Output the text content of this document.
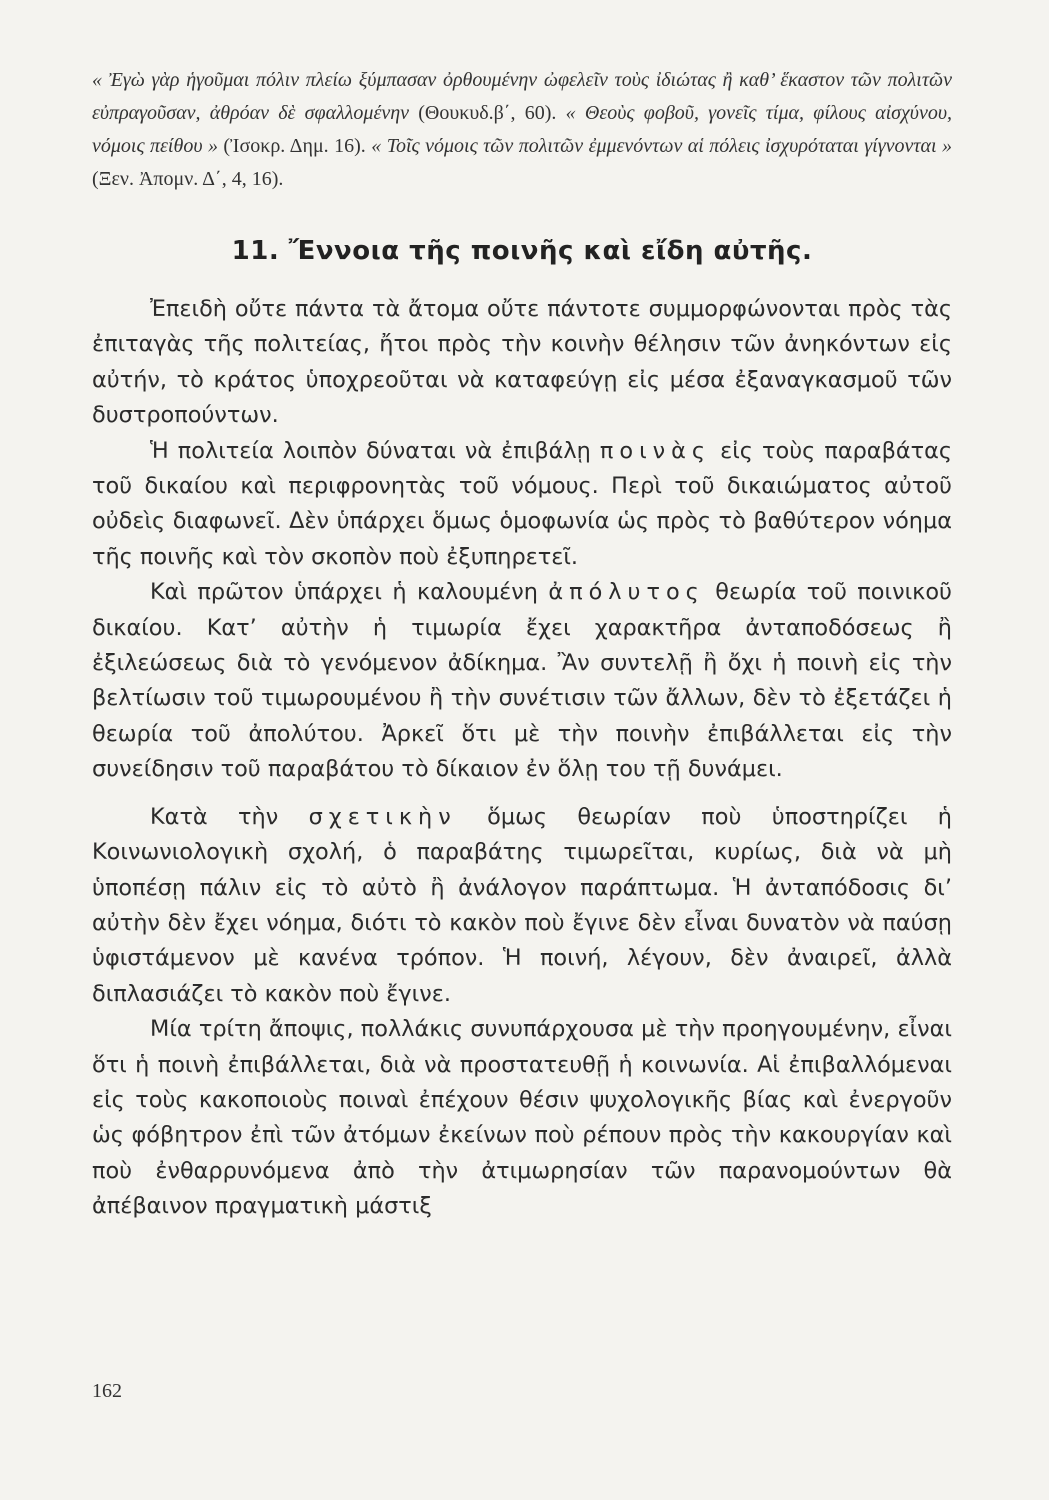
« Ἐγὼ γὰρ ἡγοῦμαι πόλιν πλείω ξύμπασαν ὀρθουμένην ὠφελεῖν τοὺς ἰδιώτας ἢ καθ’ ἕκαστον τῶν πολιτῶν εὐπραγοῦσαν, ἀθρόαν δὲ σφαλλομένην (Θουκυδ.β΄, 60). « Θεοὺς φοβοῦ, γονεῖς τίμα, φίλους αἰσχύνου, νόμοις πείθου » (Ἰσοκρ. Δημ. 16). « Τοῖς νόμοις τῶν πολιτῶν ἐμμενόντων αἱ πόλεις ἰσχυρόταται γίγνονται » (Ξεν. Ἀπομν. Δ΄, 4, 16).

11. Ἔννοια τῆς ποινῆς καὶ εἴδη αὐτῆς.

Ἐπειδὴ οὔτε πάντα τὰ ἄτομα οὔτε πάντοτε συμμορφώνονται πρὸς τὰς ἐπιταγὰς τῆς πολιτείας, ἤτοι πρὸς τὴν κοινὴν θέλησιν τῶν ἀνηκόντων εἰς αὐτήν, τὸ κράτος ὑποχρεοῦται νὰ καταφεύγῃ εἰς μέσα ἐξαναγκασμοῦ τῶν δυστροπούντων.

Ἡ πολιτεία λοιπὸν δύναται νὰ ἐπιβάλῃ ποινὰς εἰς τοὺς παραβάτας τοῦ δικαίου καὶ περιφρονητὰς τοῦ νόμους. Περὶ τοῦ δικαιώματος αὐτοῦ οὐδεὶς διαφωνεῖ. Δὲν ὑπάρχει ὅμως ὁμοφωνία ὡς πρὸς τὸ βαθύτερον νόημα τῆς ποινῆς καὶ τὸν σκοπὸν ποὺ ἐξυπηρετεῖ.

Καὶ πρῶτον ὑπάρχει ἡ καλουμένη ἀπόλυτος θεωρία τοῦ ποινικοῦ δικαίου. Κατ’ αὐτὴν ἡ τιμωρία ἔχει χαρακτῆρα ἀνταποδόσεως ἢ ἐξιλεώσεως διὰ τὸ γενόμενον ἀδίκημα. Ἂν συντελῇ ἢ ὄχι ἡ ποινὴ εἰς τὴν βελτίωσιν τοῦ τιμωρουμένου ἢ τὴν συνέτισιν τῶν ἄλλων, δὲν τὸ ἐξετάζει ἡ θεωρία τοῦ ἀπολύτου. Ἀρκεῖ ὅτι μὲ τὴν ποινὴν ἐπιβάλλεται εἰς τὴν συνείδησιν τοῦ παραβάτου τὸ δίκαιον ἐν ὅλῃ του τῇ δυνάμει.

Κατὰ τὴν σχετικὴν ὅμως θεωρίαν ποὺ ὑποστηρίζει ἡ Κοινωνιολογικὴ σχολή, ὁ παραβάτης τιμωρεῖται, κυρίως, διὰ νὰ μὴ ὑποπέσῃ πάλιν εἰς τὸ αὐτὸ ἢ ἀνάλογον παράπτωμα. Ἡ ἀνταπόδοσις δι’ αὐτὴν δὲν ἔχει νόημα, διότι τὸ κακὸν ποὺ ἔγινε δὲν εἶναι δυνατὸν νὰ παύσῃ ὑφιστάμενον μὲ κανένα τρόπον. Ἡ ποινή, λέγουν, δὲν ἀναιρεῖ, ἀλλὰ διπλασιάζει τὸ κακὸν ποὺ ἔγινε.

Μία τρίτη ἄποψις, πολλάκις συνυπάρχουσα μὲ τὴν προηγουμένην, εἶναι ὅτι ἡ ποινὴ ἐπιβάλλεται, διὰ νὰ προστατευθῇ ἡ κοινωνία. Αἱ ἐπιβαλλόμεναι εἰς τοὺς κακοποιοὺς ποιναὶ ἐπέχουν θέσιν ψυχολογικῆς βίας καὶ ἐνεργοῦν ὡς φόβητρον ἐπὶ τῶν ἀτόμων ἐκείνων ποὺ ρέπουν πρὸς τὴν κακουργίαν καὶ ποὺ ἐνθαρρυνόμενα ἀπὸ τὴν ἀτιμωρησίαν τῶν παρανομούντων θὰ ἀπέβαινον πραγματικὴ μάστιξ

162
